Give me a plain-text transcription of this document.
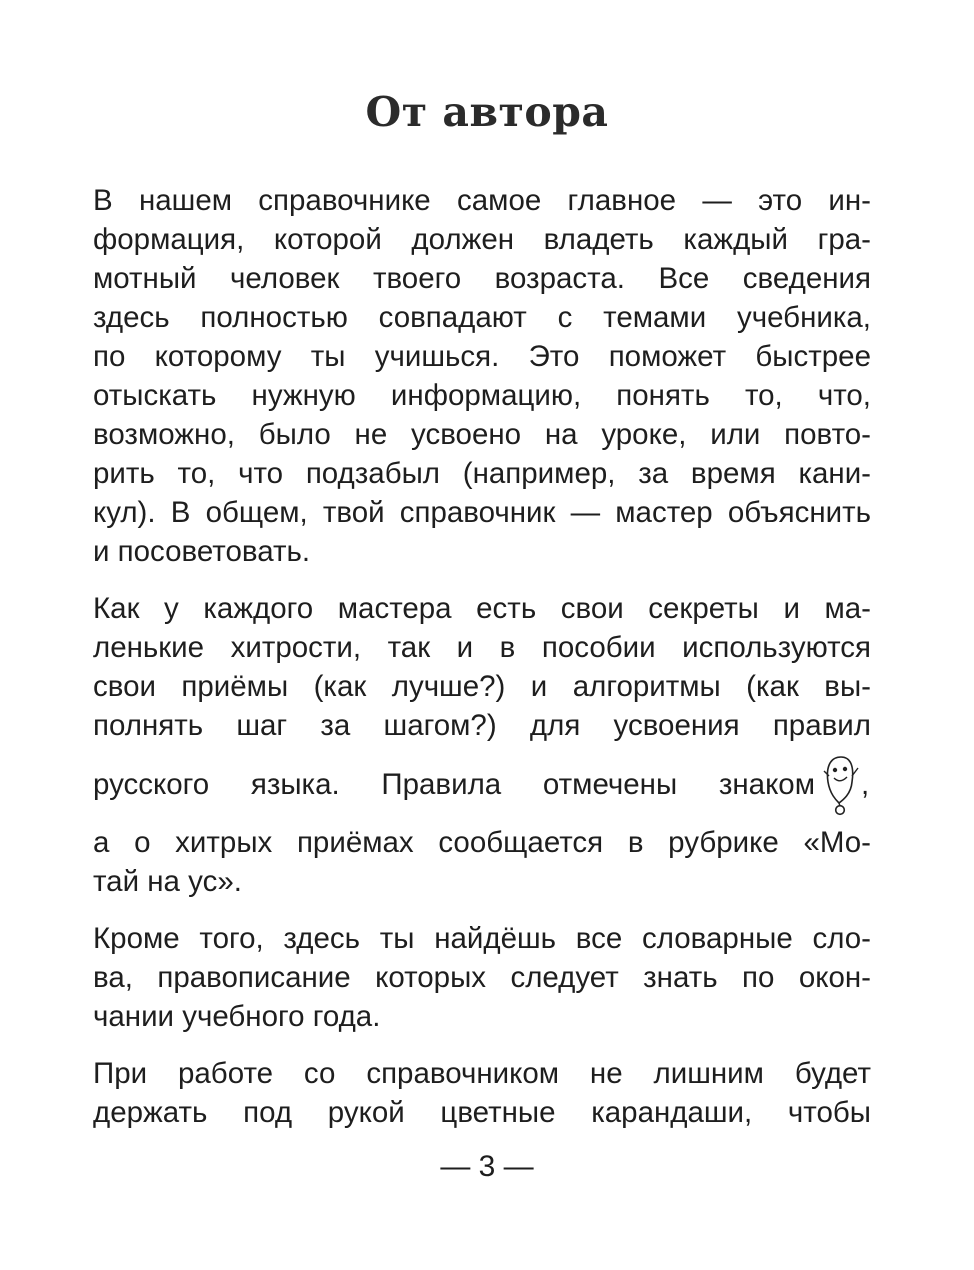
От автора
В нашем справочнике самое главное — это ин-
формация, которой должен владеть каждый гра-
мотный человек твоего возраста. Все сведения
здесь полностью совпадают с темами учебника,
по которому ты учишься. Это поможет быстрее
отыскать нужную информацию, понять то, что,
возможно, было не усвоено на уроке, или повто-
рить то, что подзабыл (например, за время кани-
кул). В общем, твой справочник — мастер объяснить
и посоветовать.
Как у каждого мастера есть свои секреты и ма-
ленькие хитрости, так и в пособии используются
свои приёмы (как лучше?) и алгоритмы (как вы-
полнять шаг за шагом?) для усвоения правил
русского языка. Правила отмечены знаком ,
а о хитрых приёмах сообщается в рубрике «Мо-
тай на ус».
Кроме того, здесь ты найдёшь все словарные сло-
ва, правописание которых следует знать по окон-
чании учебного года.
При работе со справочником не лишним будет
держать под рукой цветные карандаши, чтобы
— 3 —
